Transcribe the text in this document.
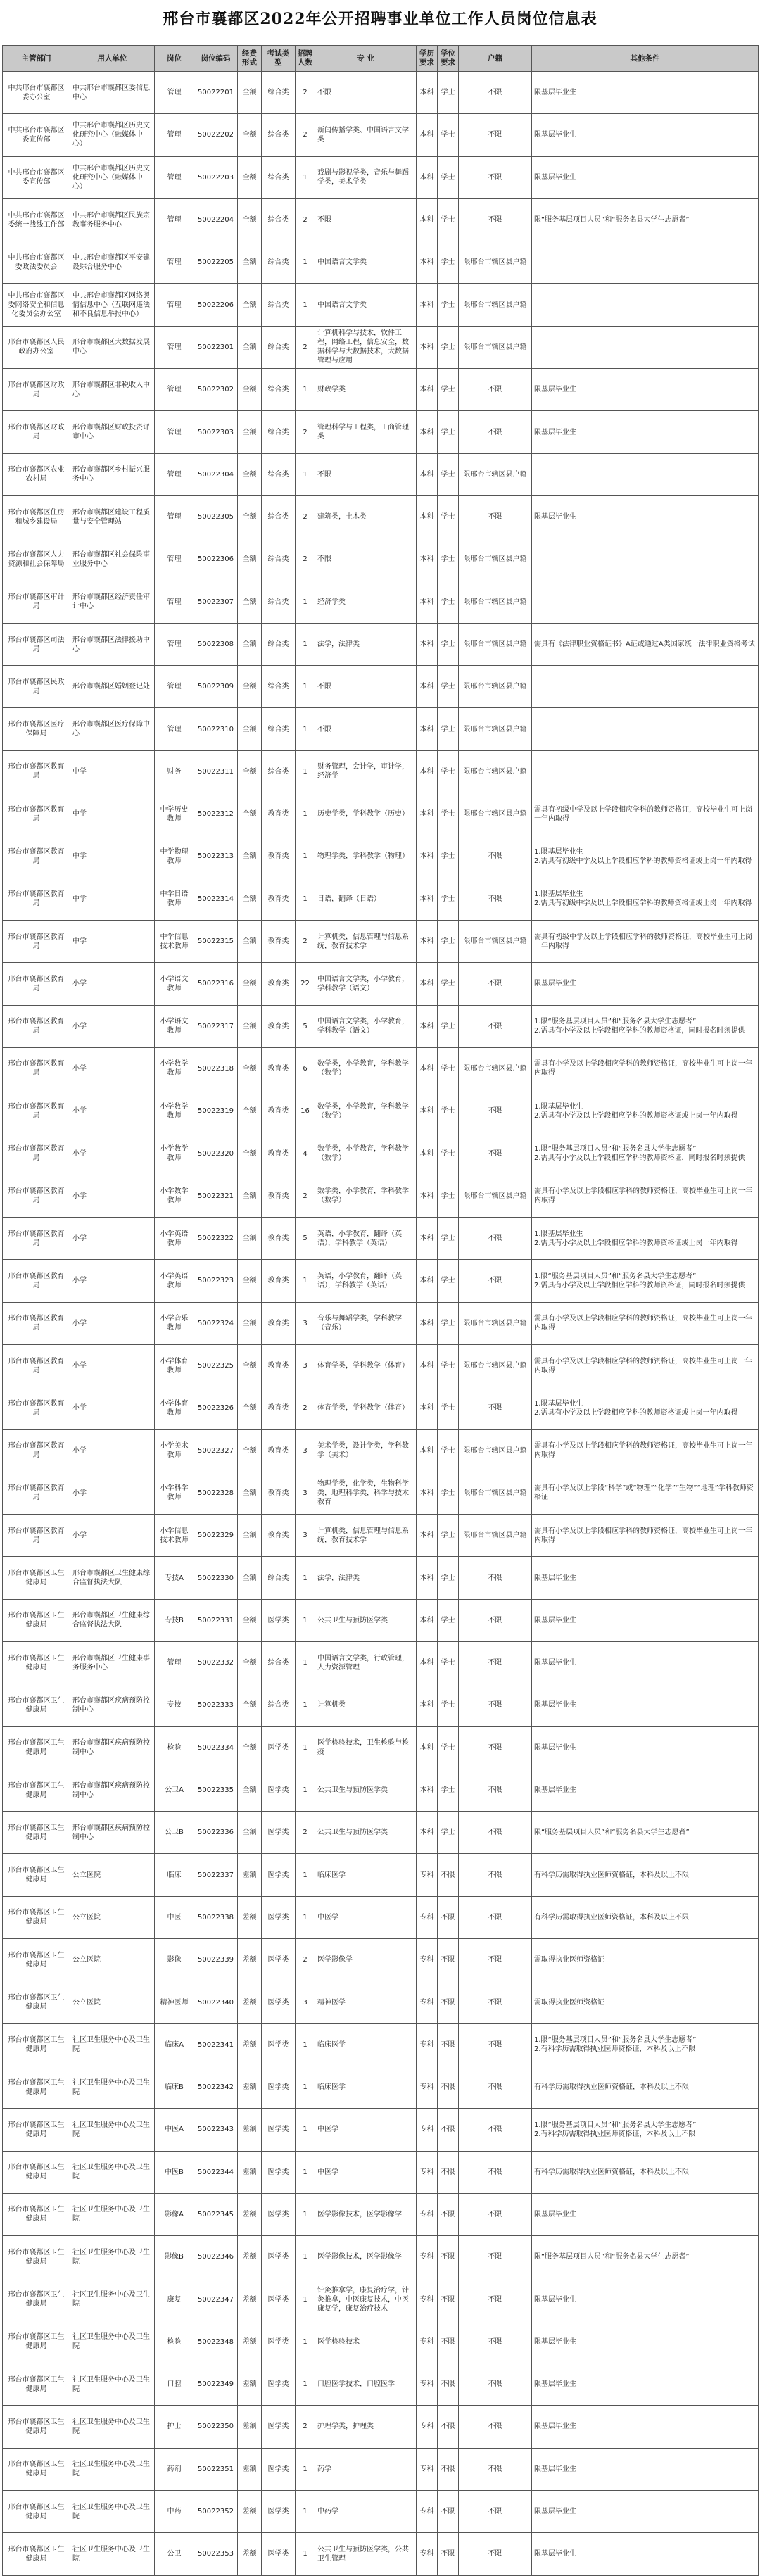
邢台市襄都区2022年公开招聘事业单位工作人员岗位信息表
主管部门	用人单位	岗位	岗位编码	经费形式	考试类型	招聘人数	专 业	学历要求	学位要求	户籍	其他条件
中共邢台市襄都区委办公室	中共邢台市襄都区委信息中心	管理	50022201	全额	综合类	2	不限	本科	学士	不限	限基层毕业生
中共邢台市襄都区委宣传部	中共邢台市襄都区历史文化研究中心（融媒体中心）	管理	50022202	全额	综合类	2	新闻传播学类、中国语言文学类	本科	学士	不限	限基层毕业生
中共邢台市襄都区委宣传部	中共邢台市襄都区历史文化研究中心（融媒体中心）	管理	50022203	全额	综合类	1	戏剧与影视学类，音乐与舞蹈学类，美术学类	本科	学士	不限	限基层毕业生
中共邢台市襄都区委统一战线工作部	中共邢台市襄都区民族宗教事务服务中心	管理	50022204	全额	综合类	2	不限	本科	学士	不限	限“服务基层项目人员”和“服务名县大学生志愿者”
中共邢台市襄都区委政法委员会	中共邢台市襄都区平安建设综合服务中心	管理	50022205	全额	综合类	1	中国语言文学类	本科	学士	限邢台市辖区县户籍	
中共邢台市襄都区委网络安全和信息化委员会办公室	中共邢台市襄都区网络舆情信息中心（互联网违法和不良信息举报中心）	管理	50022206	全额	综合类	1	中国语言文学类	本科	学士	限邢台市辖区县户籍	
邢台市襄都区人民政府办公室	邢台市襄都区大数据发展中心	管理	50022301	全额	综合类	2	计算机科学与技术，软件工程，网络工程，信息安全，数据科学与大数据技术，大数据管理与应用	本科	学士	限邢台市辖区县户籍	
邢台市襄都区财政局	邢台市襄都区非税收入中心	管理	50022302	全额	综合类	1	财政学类	本科	学士	不限	限基层毕业生
邢台市襄都区财政局	邢台市襄都区财政投资评审中心	管理	50022303	全额	综合类	2	管理科学与工程类，工商管理类	本科	学士	不限	限基层毕业生
邢台市襄都区农业农村局	邢台市襄都区乡村振兴服务中心	管理	50022304	全额	综合类	1	不限	本科	学士	限邢台市辖区县户籍	
邢台市襄都区住房和城乡建设局	邢台市襄都区建设工程质量与安全管理站	管理	50022305	全额	综合类	2	建筑类，土木类	本科	学士	不限	限基层毕业生
邢台市襄都区人力资源和社会保障局	邢台市襄都区社会保险事业服务中心	管理	50022306	全额	综合类	2	不限	本科	学士	限邢台市辖区县户籍	
邢台市襄都区审计局	邢台市襄都区经济责任审计中心	管理	50022307	全额	综合类	1	经济学类	本科	学士	限邢台市辖区县户籍	
邢台市襄都区司法局	邢台市襄都区法律援助中心	管理	50022308	全额	综合类	1	法学，法律类	本科	学士	限邢台市辖区县户籍	需具有《法律职业资格证书》A证或通过A类国家统一法律职业资格考试
邢台市襄都区民政局	邢台市襄都区婚姻登记处	管理	50022309	全额	综合类	1	不限	本科	学士	限邢台市辖区县户籍	
邢台市襄都区医疗保障局	邢台市襄都区医疗保障中心	管理	50022310	全额	综合类	1	不限	本科	学士	限邢台市辖区县户籍	
邢台市襄都区教育局	中学	财务	50022311	全额	综合类	1	财务管理，会计学，审计学，经济学	本科	学士	限邢台市辖区县户籍	
邢台市襄都区教育局	中学	中学历史教师	50022312	全额	教育类	1	历史学类，学科教学（历史）	本科	学士	限邢台市辖区县户籍	需具有初级中学及以上学段相应学科的教师资格证，高校毕业生可上岗一年内取得
邢台市襄都区教育局	中学	中学物理教师	50022313	全额	教育类	1	物理学类，学科教学（物理）	本科	学士	不限	1.限基层毕业生
2.需具有初级中学及以上学段相应学科的教师资格证或上岗一年内取得
邢台市襄都区教育局	中学	中学日语教师	50022314	全额	教育类	1	日语，翻译（日语）	本科	学士	不限	1.限基层毕业生
2.需具有初级中学及以上学段相应学科的教师资格证或上岗一年内取得
邢台市襄都区教育局	中学	中学信息技术教师	50022315	全额	教育类	2	计算机类，信息管理与信息系统，教育技术学	本科	学士	限邢台市辖区县户籍	需具有初级中学及以上学段相应学科的教师资格证，高校毕业生可上岗一年内取得
邢台市襄都区教育局	小学	小学语文教师	50022316	全额	教育类	22	中国语言文学类，小学教育，学科教学（语文）	本科	学士	不限	限基层毕业生
邢台市襄都区教育局	小学	小学语文教师	50022317	全额	教育类	5	中国语言文学类，小学教育，学科教学（语文）	本科	学士	不限	1.限“服务基层项目人员”和“服务名县大学生志愿者”
2.需具有小学及以上学段相应学科的教师资格证，同时报名时须提供
邢台市襄都区教育局	小学	小学数学教师	50022318	全额	教育类	6	数学类，小学教育，学科教学（数学）	本科	学士	限邢台市辖区县户籍	需具有小学及以上学段相应学科的教师资格证，高校毕业生可上岗一年内取得
邢台市襄都区教育局	小学	小学数学教师	50022319	全额	教育类	16	数学类，小学教育，学科教学（数学）	本科	学士	不限	1.限基层毕业生
2.需具有小学及以上学段相应学科的教师资格证或上岗一年内取得
邢台市襄都区教育局	小学	小学数学教师	50022320	全额	教育类	4	数学类，小学教育，学科教学（数学）	本科	学士	不限	1.限“服务基层项目人员”和“服务名县大学生志愿者”
2.需具有小学及以上学段相应学科的教师资格证，同时报名时须提供
邢台市襄都区教育局	小学	小学数学教师	50022321	全额	教育类	2	数学类，小学教育，学科教学（数学）	本科	学士	限邢台市辖区县户籍	需具有小学及以上学段相应学科的教师资格证，高校毕业生可上岗一年内取得
邢台市襄都区教育局	小学	小学英语教师	50022322	全额	教育类	5	英语，小学教育，翻译（英语），学科教学（英语）	本科	学士	不限	1.限基层毕业生
2.需具有小学及以上学段相应学科的教师资格证或上岗一年内取得
邢台市襄都区教育局	小学	小学英语教师	50022323	全额	教育类	1	英语，小学教育，翻译（英语），学科教学（英语）	本科	学士	不限	1.限“服务基层项目人员”和“服务名县大学生志愿者”
2.需具有小学及以上学段相应学科的教师资格证，同时报名时须提供
邢台市襄都区教育局	小学	小学音乐教师	50022324	全额	教育类	3	音乐与舞蹈学类，学科教学（音乐）	本科	学士	限邢台市辖区县户籍	需具有小学及以上学段相应学科的教师资格证，高校毕业生可上岗一年内取得
邢台市襄都区教育局	小学	小学体育教师	50022325	全额	教育类	3	体育学类，学科教学（体育）	本科	学士	限邢台市辖区县户籍	需具有小学及以上学段相应学科的教师资格证，高校毕业生可上岗一年内取得
邢台市襄都区教育局	小学	小学体育教师	50022326	全额	教育类	2	体育学类，学科教学（体育）	本科	学士	不限	1.限基层毕业生
2.需具有小学及以上学段相应学科的教师资格证或上岗一年内取得
邢台市襄都区教育局	小学	小学美术教师	50022327	全额	教育类	3	美术学类，设计学类，学科教学（美术）	本科	学士	限邢台市辖区县户籍	需具有小学及以上学段相应学科的教师资格证，高校毕业生可上岗一年内取得
邢台市襄都区教育局	小学	小学科学教师	50022328	全额	教育类	3	物理学类，化学类，生物科学类，地理科学类，科学与技术教育	本科	学士	限邢台市辖区县户籍	需具有小学及以上学段“科学”或“物理”“化学”“生物”“地理”学科教师资格证
邢台市襄都区教育局	小学	小学信息技术教师	50022329	全额	教育类	3	计算机类，信息管理与信息系统，教育技术学	本科	学士	限邢台市辖区县户籍	需具有小学及以上学段相应学科的教师资格证，高校毕业生可上岗一年内取得
邢台市襄都区卫生健康局	邢台市襄都区卫生健康综合监督执法大队	专技A	50022330	全额	综合类	1	法学，法律类	本科	学士	不限	限基层毕业生
邢台市襄都区卫生健康局	邢台市襄都区卫生健康综合监督执法大队	专技B	50022331	全额	医学类	1	公共卫生与预防医学类	本科	学士	不限	限基层毕业生
邢台市襄都区卫生健康局	邢台市襄都区卫生健康事务服务中心	管理	50022332	全额	综合类	1	中国语言文学类，行政管理，人力资源管理	本科	学士	不限	限基层毕业生
邢台市襄都区卫生健康局	邢台市襄都区疾病预防控制中心	专技	50022333	全额	综合类	1	计算机类	本科	学士	不限	限基层毕业生
邢台市襄都区卫生健康局	邢台市襄都区疾病预防控制中心	检验	50022334	全额	医学类	1	医学检验技术，卫生检验与检疫	本科	学士	不限	限基层毕业生
邢台市襄都区卫生健康局	邢台市襄都区疾病预防控制中心	公卫A	50022335	全额	医学类	1	公共卫生与预防医学类	本科	学士	不限	限基层毕业生
邢台市襄都区卫生健康局	邢台市襄都区疾病预防控制中心	公卫B	50022336	全额	医学类	2	公共卫生与预防医学类	本科	学士	不限	限“服务基层项目人员”和“服务名县大学生志愿者”
邢台市襄都区卫生健康局	公立医院	临床	50022337	差额	医学类	1	临床医学	专科	不限	不限	有科学历需取得执业医师资格证，本科及以上不限
邢台市襄都区卫生健康局	公立医院	中医	50022338	差额	医学类	1	中医学	专科	不限	不限	有科学历需取得执业医师资格证，本科及以上不限
邢台市襄都区卫生健康局	公立医院	影像	50022339	差额	医学类	2	医学影像学	专科	不限	不限	需取得执业医师资格证
邢台市襄都区卫生健康局	公立医院	精神医师	50022340	差额	医学类	3	精神医学	专科	不限	不限	需取得执业医师资格证
邢台市襄都区卫生健康局	社区卫生服务中心及卫生院	临床A	50022341	差额	医学类	1	临床医学	专科	不限	不限	1.限“服务基层项目人员”和“服务名县大学生志愿者”
2.有科学历需取得执业医师资格证，本科及以上不限
邢台市襄都区卫生健康局	社区卫生服务中心及卫生院	临床B	50022342	差额	医学类	1	临床医学	专科	不限	不限	有科学历需取得执业医师资格证，本科及以上不限
邢台市襄都区卫生健康局	社区卫生服务中心及卫生院	中医A	50022343	差额	医学类	1	中医学	专科	不限	不限	1.限“服务基层项目人员”和“服务名县大学生志愿者”
2.有科学历需取得执业医师资格证，本科及以上不限
邢台市襄都区卫生健康局	社区卫生服务中心及卫生院	中医B	50022344	差额	医学类	1	中医学	专科	不限	不限	有科学历需取得执业医师资格证，本科及以上不限
邢台市襄都区卫生健康局	社区卫生服务中心及卫生院	影像A	50022345	差额	医学类	1	医学影像技术，医学影像学	专科	不限	不限	限基层毕业生
邢台市襄都区卫生健康局	社区卫生服务中心及卫生院	影像B	50022346	差额	医学类	1	医学影像技术，医学影像学	专科	不限	不限	限“服务基层项目人员”和“服务名县大学生志愿者”
邢台市襄都区卫生健康局	社区卫生服务中心及卫生院	康复	50022347	差额	医学类	1	针灸推拿学，康复治疗学，针灸推拿，中医康复技术，中医康复学，康复治疗技术	专科	不限	不限	限基层毕业生
邢台市襄都区卫生健康局	社区卫生服务中心及卫生院	检验	50022348	差额	医学类	1	医学检验技术	专科	不限	不限	限基层毕业生
邢台市襄都区卫生健康局	社区卫生服务中心及卫生院	口腔	50022349	差额	医学类	1	口腔医学技术，口腔医学	专科	不限	不限	限基层毕业生
邢台市襄都区卫生健康局	社区卫生服务中心及卫生院	护士	50022350	差额	医学类	2	护理学类，护理类	专科	不限	不限	限基层毕业生
邢台市襄都区卫生健康局	社区卫生服务中心及卫生院	药剂	50022351	差额	医学类	1	药学	专科	不限	不限	限基层毕业生
邢台市襄都区卫生健康局	社区卫生服务中心及卫生院	中药	50022352	差额	医学类	1	中药学	专科	不限	不限	限基层毕业生
邢台市襄都区卫生健康局	社区卫生服务中心及卫生院	公卫	50022353	差额	医学类	1	公共卫生与预防医学类，公共卫生管理	专科	不限	不限	限基层毕业生
